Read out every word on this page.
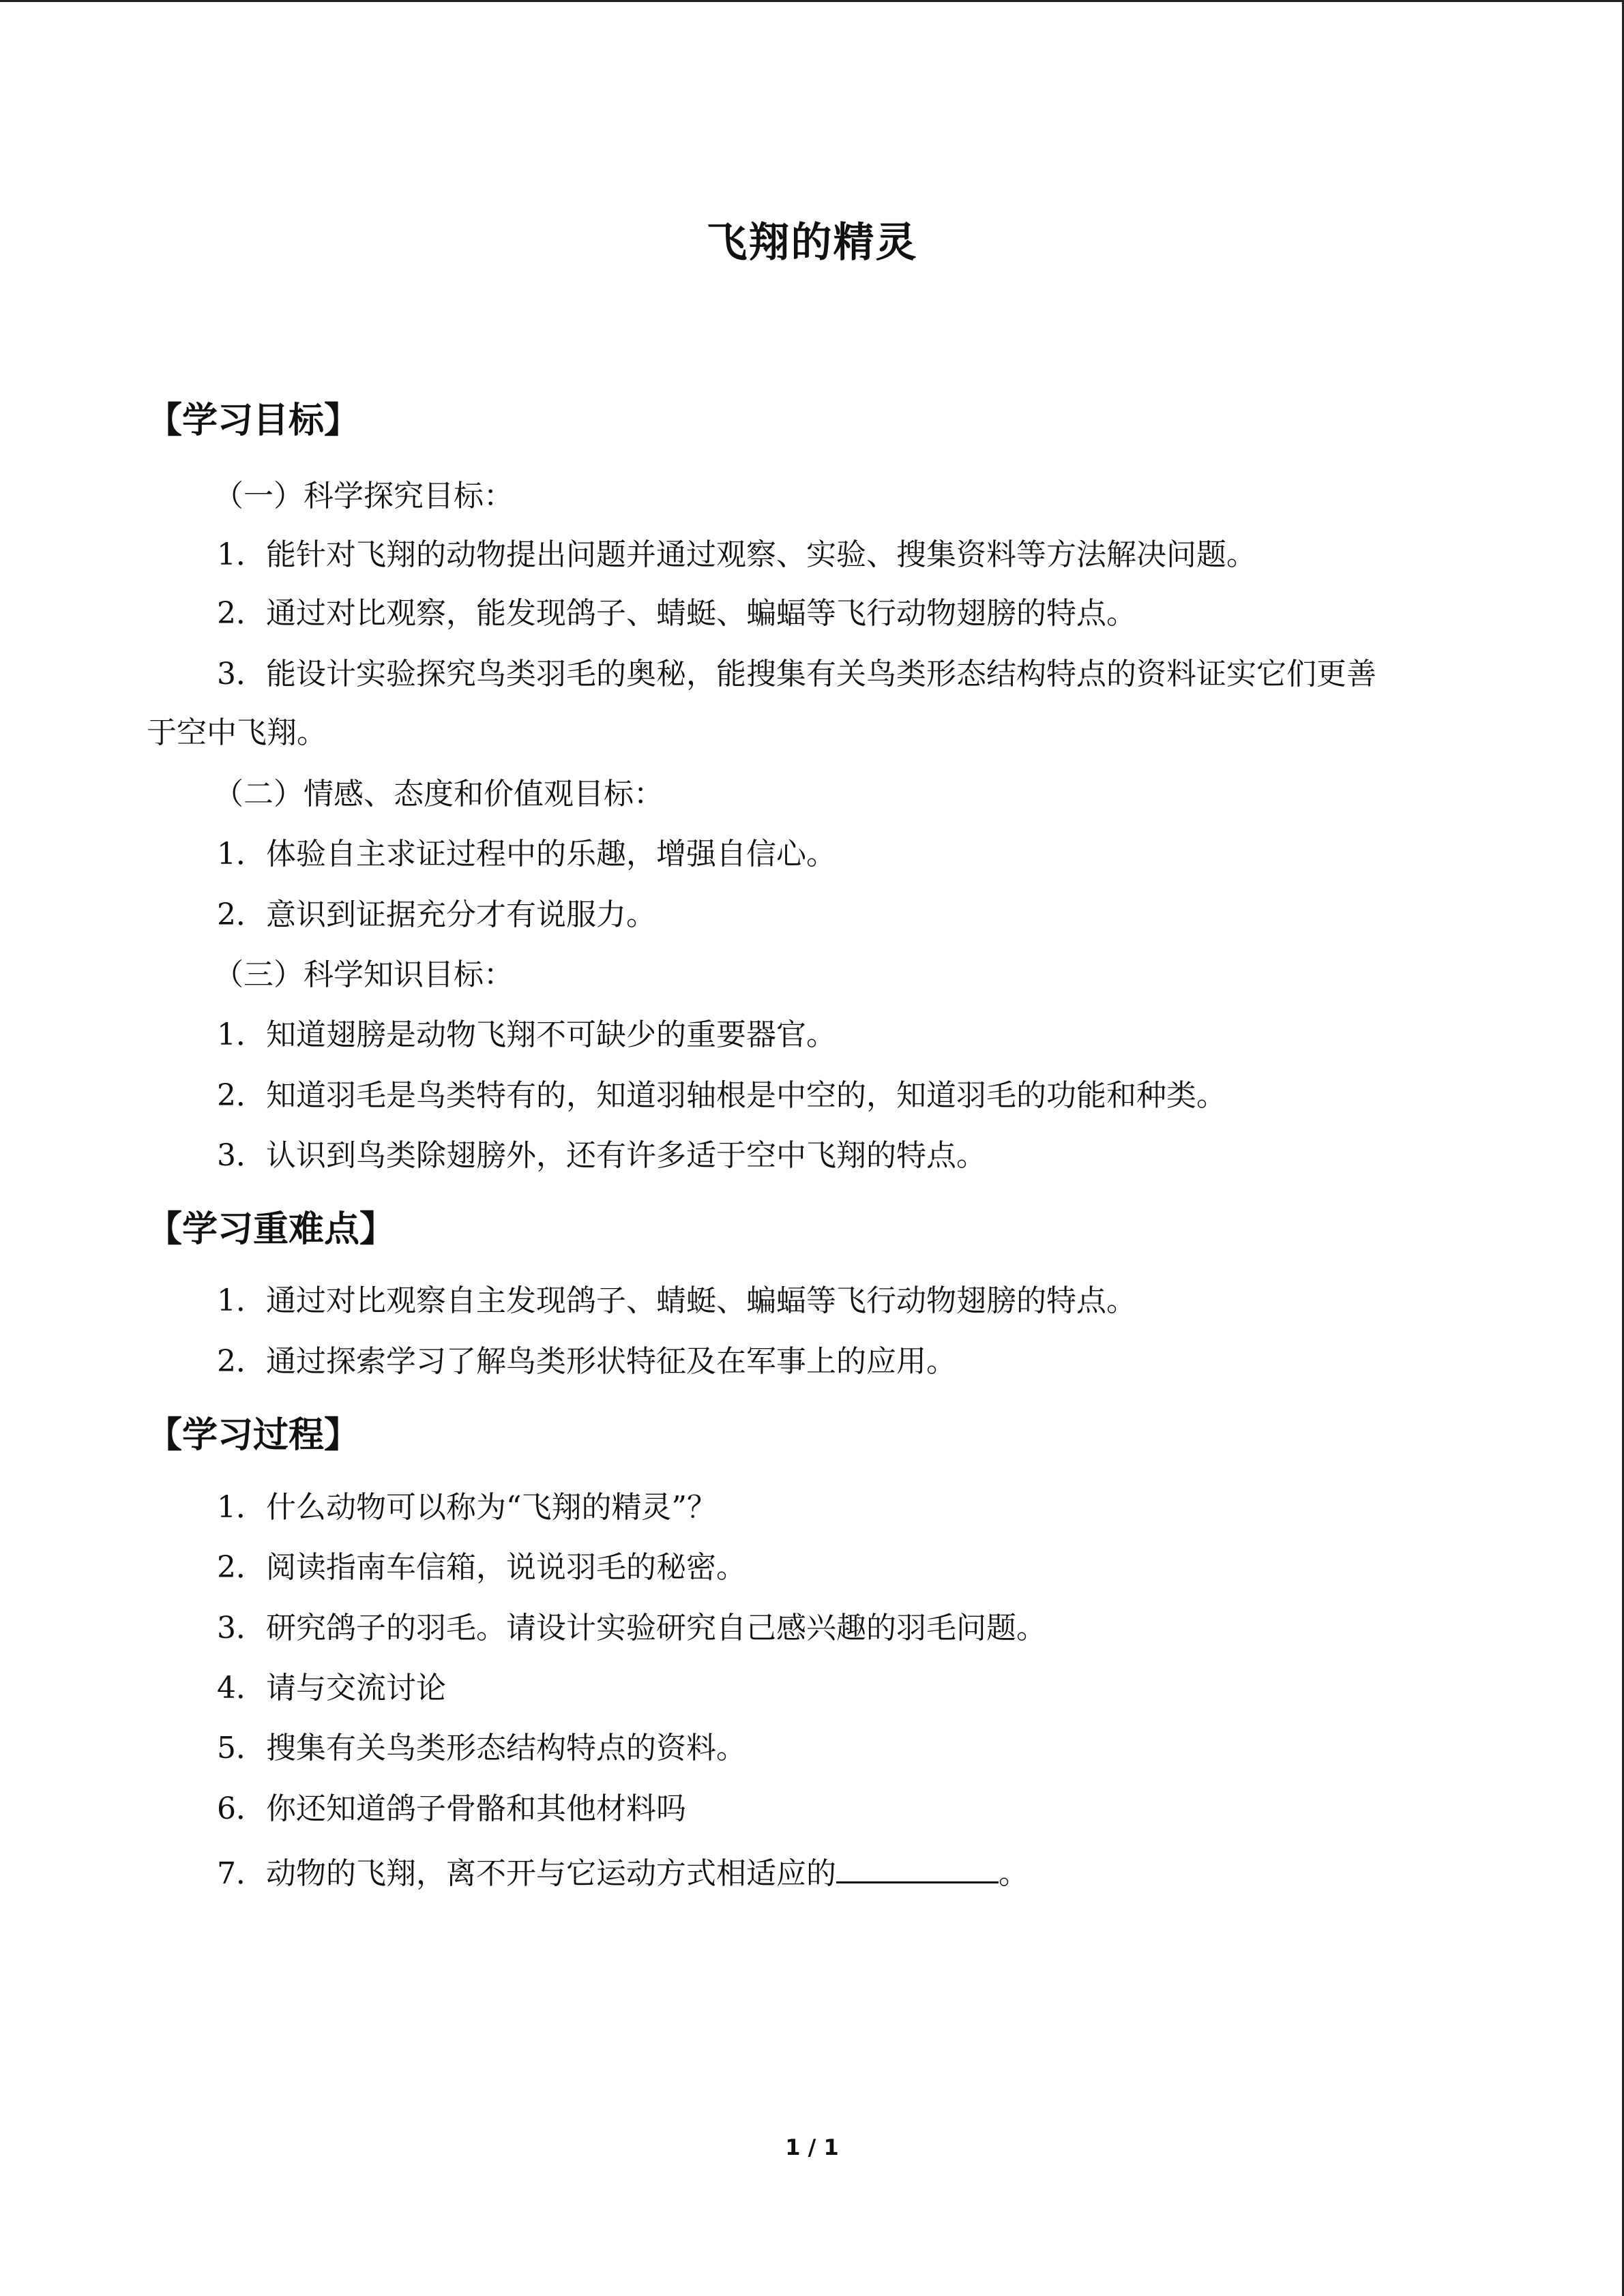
飞翔的精灵
【学习目标】
（一）科学探究目标：
1．能针对飞翔的动物提出问题并通过观察、实验、搜集资料等方法解决问题。
2．通过对比观察，能发现鸽子、蜻蜓、蝙蝠等飞行动物翅膀的特点。
3．能设计实验探究鸟类羽毛的奥秘，能搜集有关鸟类形态结构特点的资料证实它们更善
于空中飞翔。
（二）情感、态度和价值观目标：
1．体验自主求证过程中的乐趣，增强自信心。
2．意识到证据充分才有说服力。
（三）科学知识目标：
1．知道翅膀是动物飞翔不可缺少的重要器官。
2．知道羽毛是鸟类特有的，知道羽轴根是中空的，知道羽毛的功能和种类。
3．认识到鸟类除翅膀外，还有许多适于空中飞翔的特点。
【学习重难点】
1．通过对比观察自主发现鸽子、蜻蜓、蝙蝠等飞行动物翅膀的特点。
2．通过探索学习了解鸟类形状特征及在军事上的应用。
【学习过程】
1．什么动物可以称为“飞翔的精灵”？
2．阅读指南车信箱，说说羽毛的秘密。
3．研究鸽子的羽毛。请设计实验研究自己感兴趣的羽毛问题。
4．请与交流讨论
5．搜集有关鸟类形态结构特点的资料。
6．你还知道鸽子骨骼和其他材料吗
7．动物的飞翔，离不开与它运动方式相适应的	。
1 / 1
